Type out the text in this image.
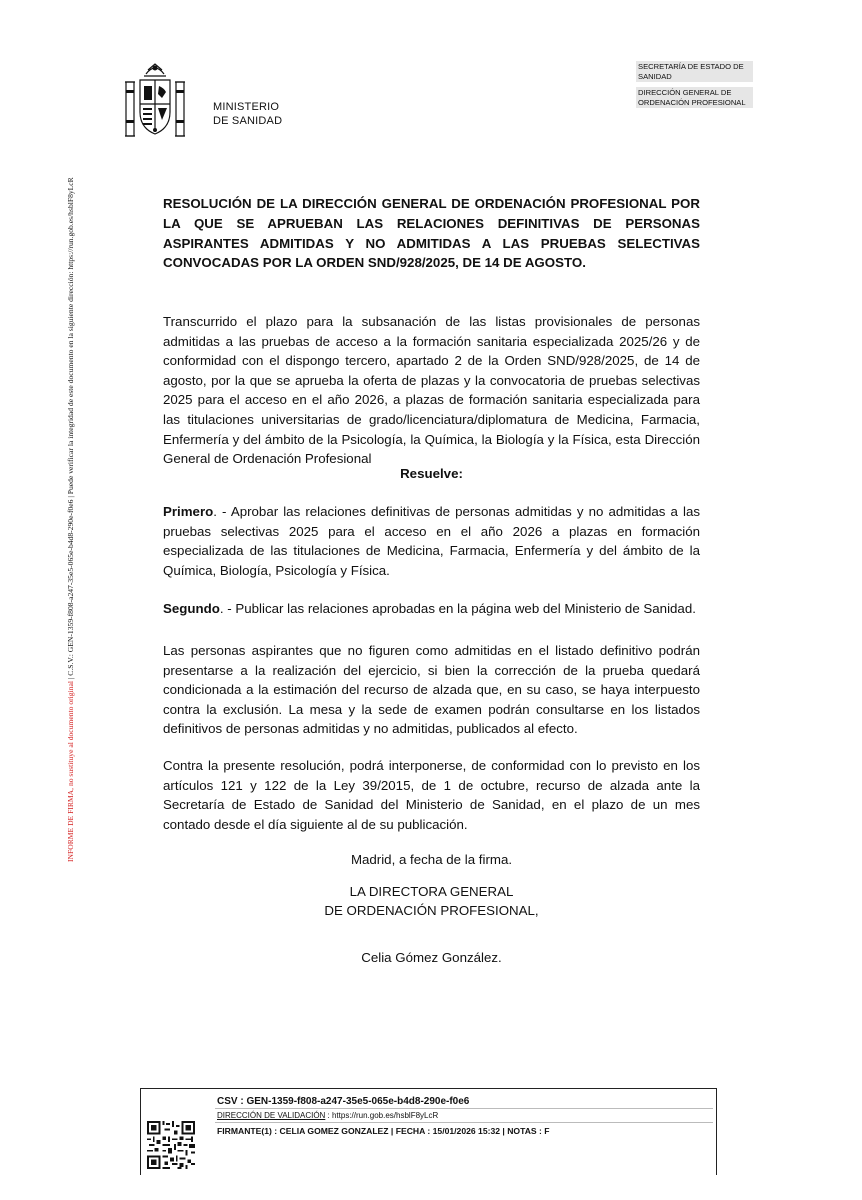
INFORME DE FIRMA, no sustituye al documento original | C.S.V.: GEN-1359-f808-a247-35e5-065e-b4d8-290e-f0e6 | Puede verificar la integridad de este documento en la siguiente dirección: https://run.gob.es/hsblF8yLcR
MINISTERIO
DE SANIDAD
SECRETARÍA DE ESTADO DE SANIDAD
DIRECCIÓN GENERAL DE ORDENACIÓN PROFESIONAL
RESOLUCIÓN DE LA DIRECCIÓN GENERAL DE ORDENACIÓN PROFESIONAL POR LA QUE SE APRUEBAN LAS RELACIONES DEFINITIVAS DE PERSONAS ASPIRANTES ADMITIDAS Y NO ADMITIDAS A LAS PRUEBAS SELECTIVAS CONVOCADAS POR LA ORDEN SND/928/2025, DE 14 DE AGOSTO.
Transcurrido el plazo para la subsanación de las listas provisionales de personas admitidas a las pruebas de acceso a la formación sanitaria especializada 2025/26 y de conformidad con el dispongo tercero, apartado 2 de la Orden SND/928/2025, de 14 de agosto, por la que se aprueba la oferta de plazas y la convocatoria de pruebas selectivas 2025 para el acceso en el año 2026, a plazas de formación sanitaria especializada para las titulaciones universitarias de grado/licenciatura/diplomatura de Medicina, Farmacia, Enfermería y del ámbito de la Psicología, la Química, la Biología y la Física, esta Dirección General de Ordenación Profesional
Resuelve:
Primero. - Aprobar las relaciones definitivas de personas admitidas y no admitidas a las pruebas selectivas 2025 para el acceso en el año 2026 a plazas en formación especializada de las titulaciones de Medicina, Farmacia, Enfermería y del ámbito de la Química, Biología, Psicología y Física.
Segundo. - Publicar las relaciones aprobadas en la página web del Ministerio de Sanidad.
Las personas aspirantes que no figuren como admitidas en el listado definitivo podrán presentarse a la realización del ejercicio, si bien la corrección de la prueba quedará condicionada a la estimación del recurso de alzada que, en su caso, se haya interpuesto contra la exclusión. La mesa y la sede de examen podrán consultarse en los listados definitivos de personas admitidas y no admitidas, publicados al efecto.
Contra la presente resolución, podrá interponerse, de conformidad con lo previsto en los artículos 121 y 122 de la Ley 39/2015, de 1 de octubre, recurso de alzada ante la Secretaría de Estado de Sanidad del Ministerio de Sanidad, en el plazo de un mes contado desde el día siguiente al de su publicación.
Madrid, a fecha de la firma.
LA DIRECTORA GENERAL
DE ORDENACIÓN PROFESIONAL,
Celia Gómez González.
CSV : GEN-1359-f808-a247-35e5-065e-b4d8-290e-f0e6
DIRECCIÓN DE VALIDACIÓN : https://run.gob.es/hsblF8yLcR
FIRMANTE(1) : CELIA GOMEZ GONZALEZ | FECHA : 15/01/2026 15:32 | NOTAS : F
